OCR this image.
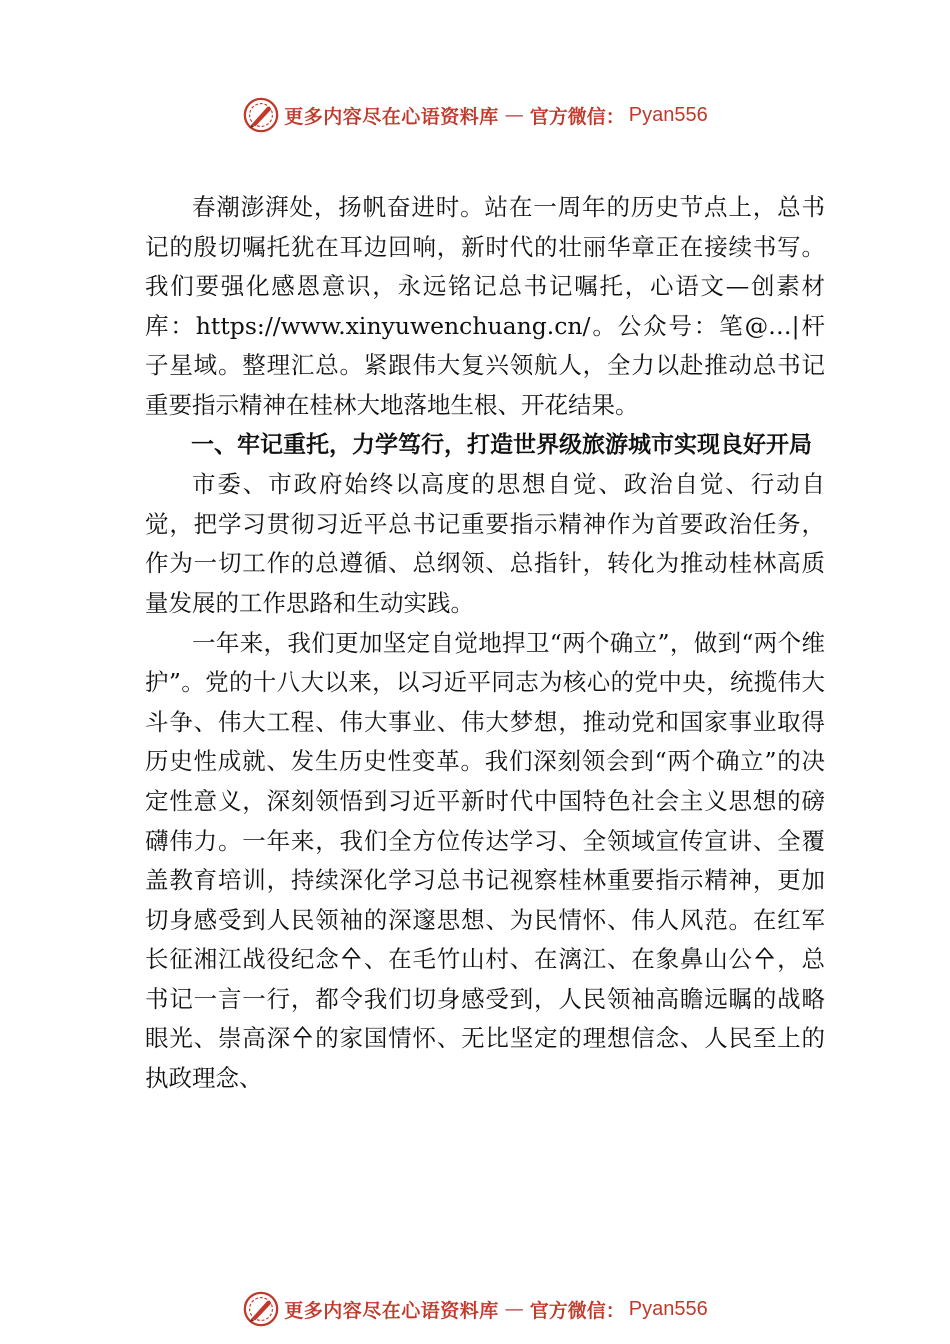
更多内容尽在心语资料库 — 官方微信： Pyan556

春潮澎湃处，扬帆奋进时。站在一周年的历史节点上，总书记的殷切嘱托犹在耳边回响，新时代的壮丽华章正在接续书写。我们要强化感恩意识，永远铭记总书记嘱托，心语文—创素材库：https://www.xinyuwenchuang.cn/。公众号：笔@…|杆子星域。整理汇总。紧跟伟大复兴领航人，全力以赴推动总书记重要指示精神在桂林大地落地生根、开花结果。

一、牢记重托，力学笃行，打造世界级旅游城市实现良好开局

市委、市政府始终以高度的思想自觉、政治自觉、行动自觉，把学习贯彻习近平总书记重要指示精神作为首要政治任务，作为一切工作的总遵循、总纲领、总指针，转化为推动桂林高质量发展的工作思路和生动实践。

一年来，我们更加坚定自觉地捍卫“两个确立”，做到“两个维护”。党的十八大以来，以习近平同志为核心的党中央，统揽伟大斗争、伟大工程、伟大事业、伟大梦想，推动党和国家事业取得历史性成就、发生历史性变革。我们深刻领会到“两个确立”的决定性意义，深刻领悟到习近平新时代中国特色社会主义思想的磅礴伟力。一年来，我们全方位传达学习、全领域宣传宣讲、全覆盖教育培训，持续深化学习总书记视察桂林重要指示精神，更加切身感受到人民领袖的深邃思想、为民情怀、伟人风范。在红军长征湘江战役纪念㐃、在毛竹山村、在漓江、在象鼻山公㐃，总书记一言一行，都令我们切身感受到，人民领袖高瞻远瞩的战略眼光、崇高深㐃的家国情怀、无比坚定的理想信念、人民至上的执政理念、

更多内容尽在心语资料库 — 官方微信： Pyan556
